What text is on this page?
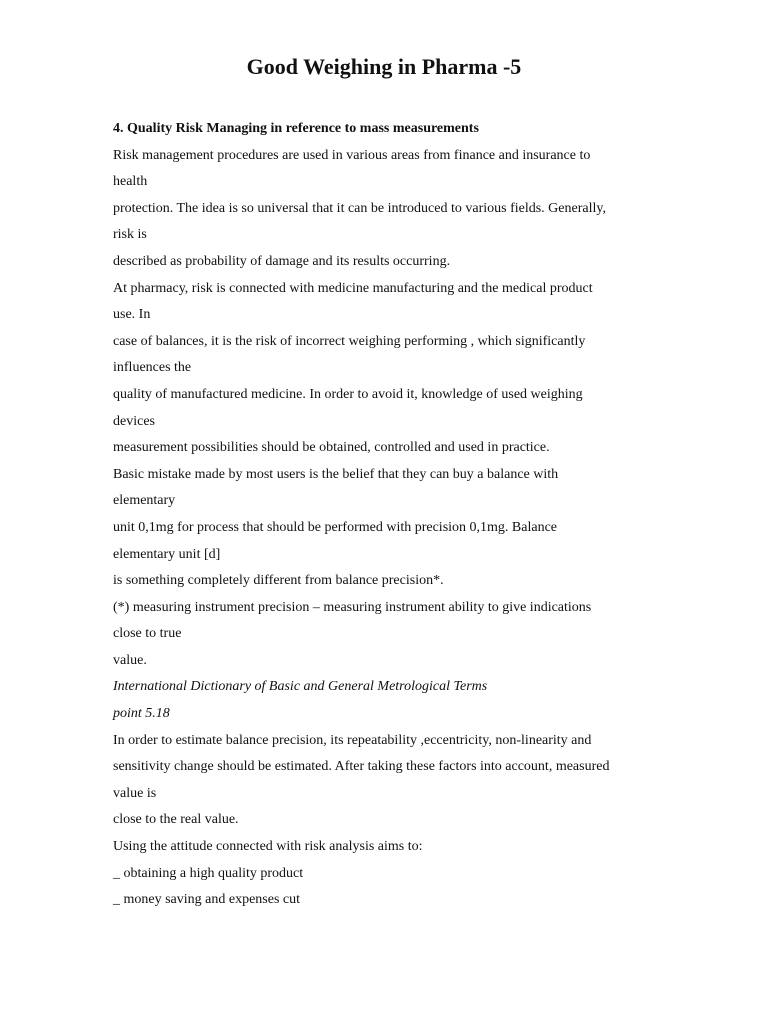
Good Weighing in Pharma -5
4. Quality Risk Managing in reference to mass measurements
Risk management procedures are used in various areas from finance and insurance to
health
protection. The idea is so universal that it can be introduced to various fields. Generally,
risk is
described as probability of damage and its results occurring.
At pharmacy, risk is connected with medicine manufacturing and the medical product
use. In
case of balances, it is the risk of incorrect weighing performing , which significantly
influences the
quality of manufactured medicine. In order to avoid it, knowledge of used weighing
devices
measurement possibilities should be obtained, controlled and used in practice.
Basic mistake made by most users is the belief that they can buy a balance with
elementary
unit 0,1mg for process that should be performed with precision 0,1mg. Balance
elementary unit [d]
is something completely different from balance precision*.
(*) measuring instrument precision – measuring instrument ability to give indications
close to true
value.
International Dictionary of Basic and General Metrological Terms
point 5.18
In order to estimate balance precision, its repeatability ,eccentricity, non-linearity and
sensitivity change should be estimated. After taking these factors into account, measured
value is
close to the real value.
Using the attitude connected with risk analysis aims to:
_ obtaining a high quality product
_ money saving and expenses cut
